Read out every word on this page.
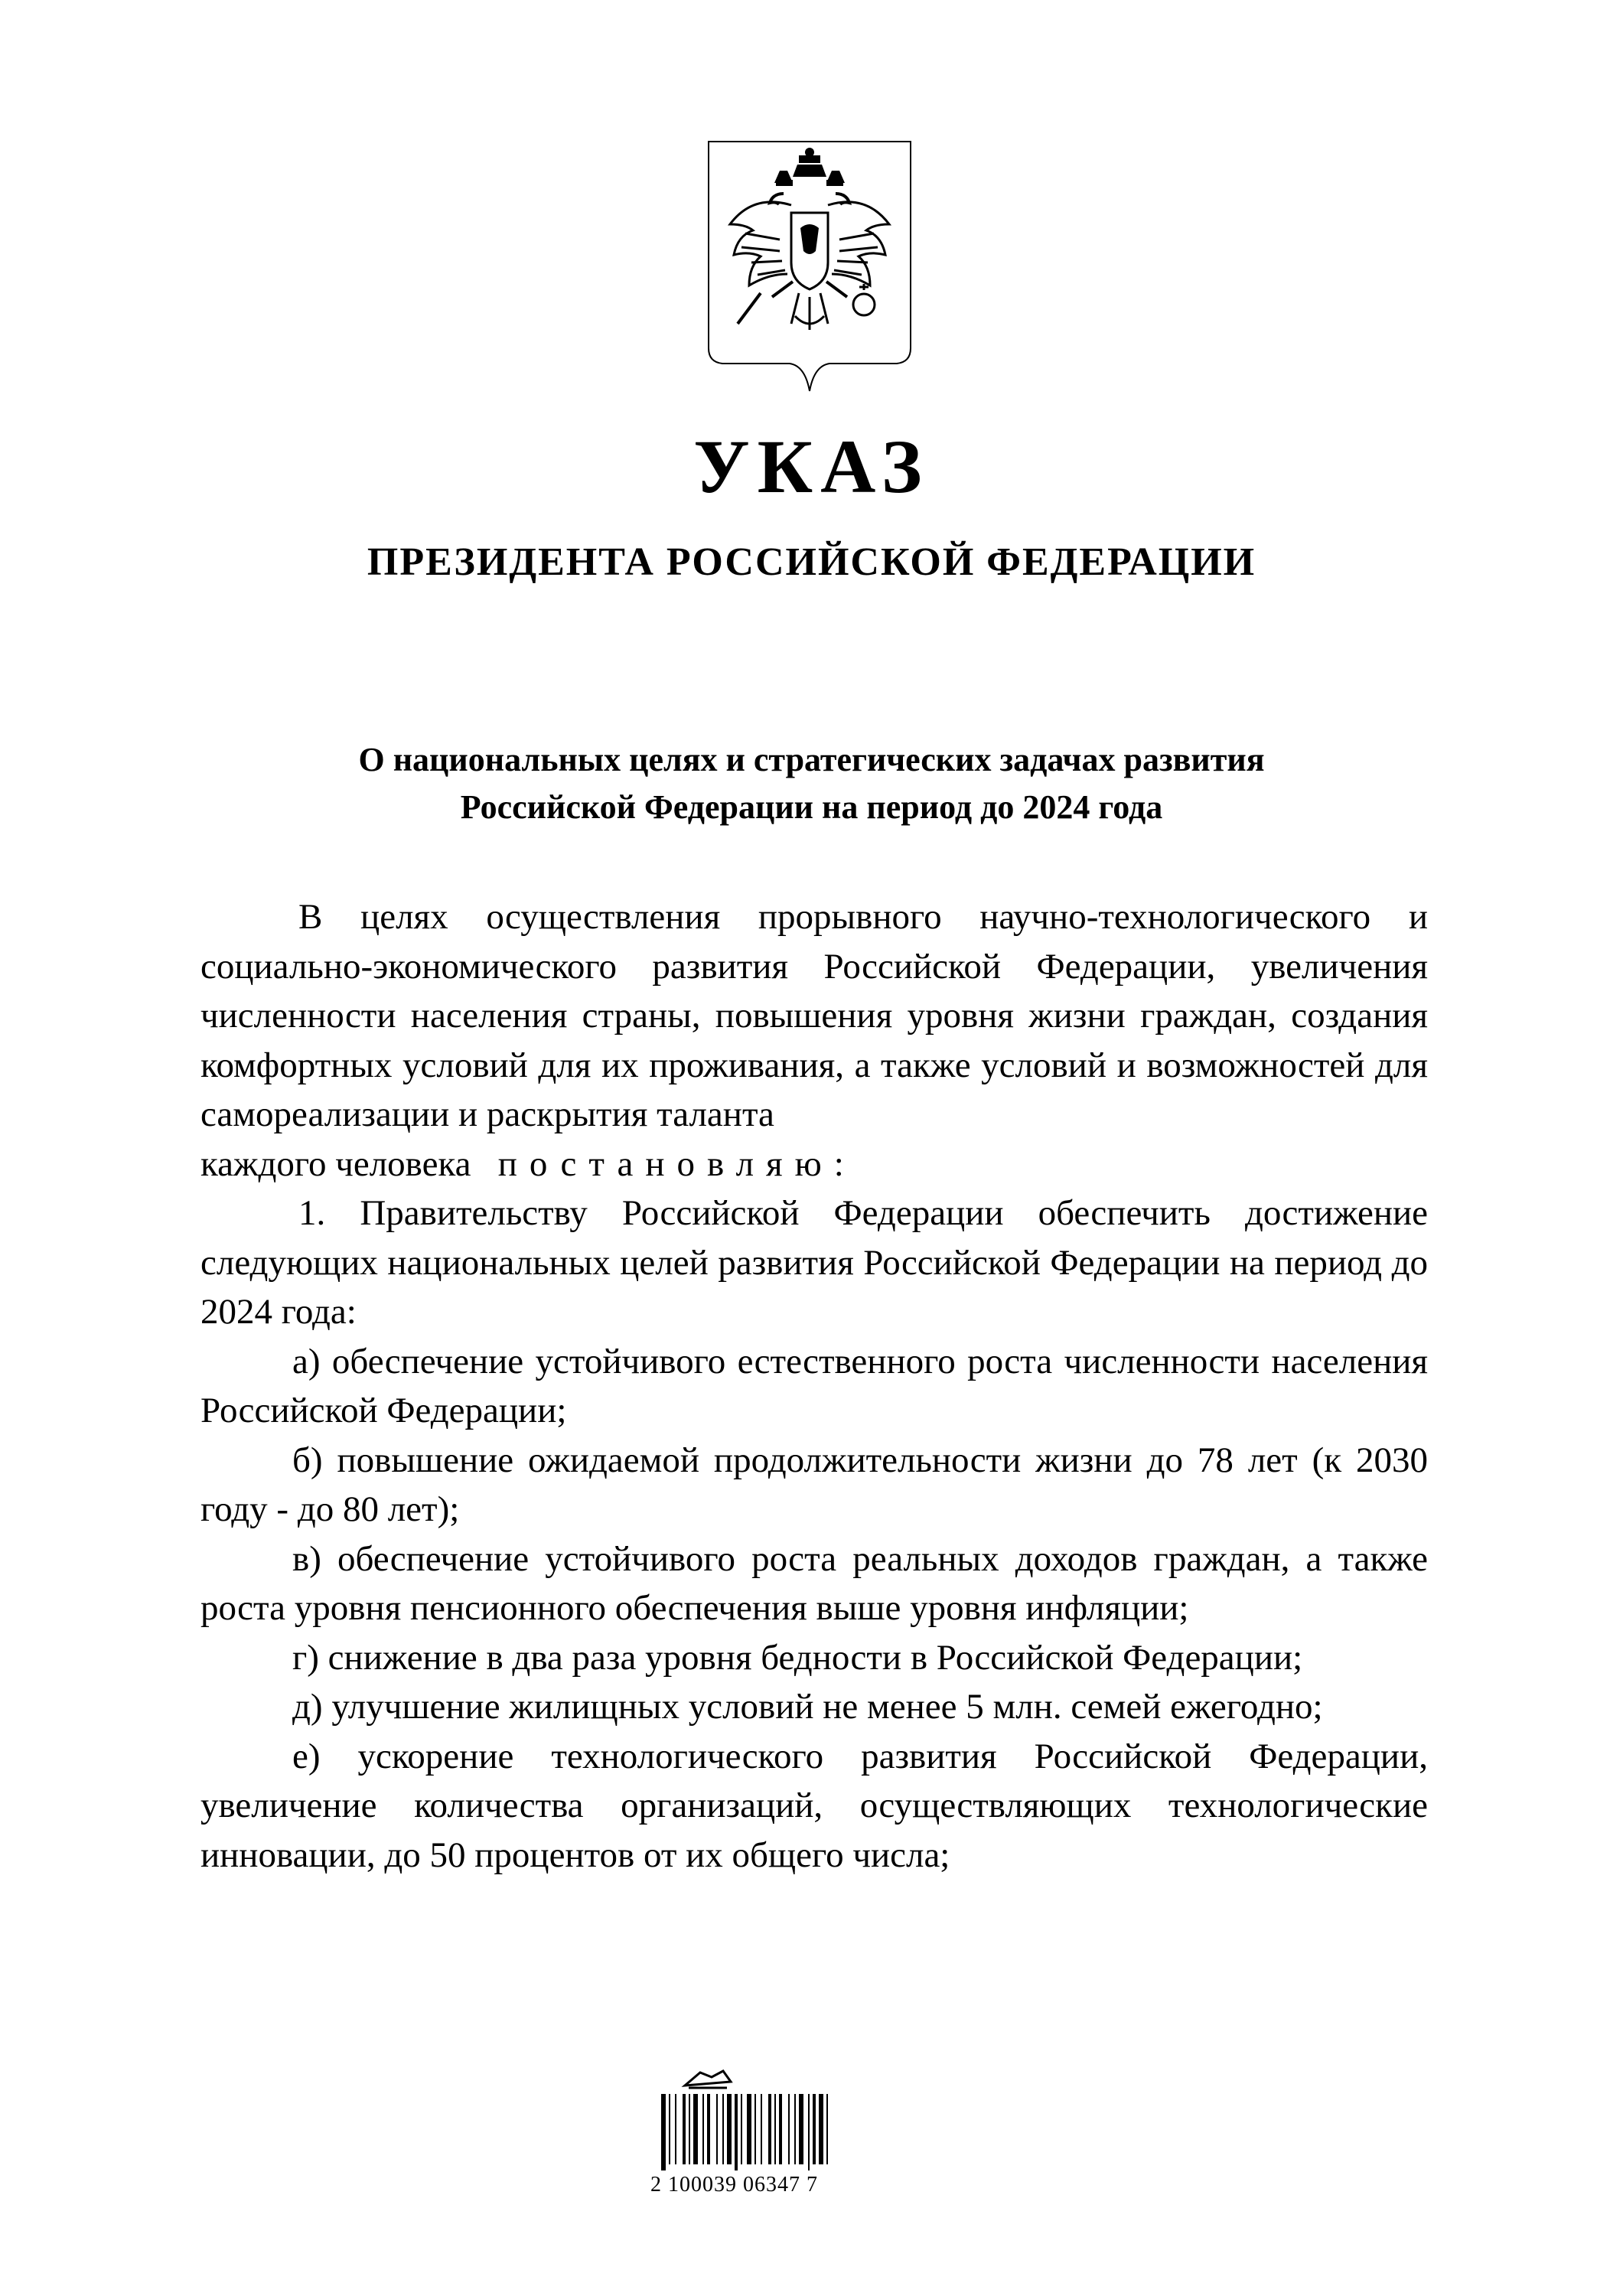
УКАЗ
ПРЕЗИДЕНТА РОССИЙСКОЙ ФЕДЕРАЦИИ
О национальных целях и стратегических задачах развития
Российской Федерации на период до 2024 года

В целях осуществления прорывного научно-технологического и социально-экономического развития Российской Федерации, увеличения численности населения страны, повышения уровня жизни граждан, создания комфортных условий для их проживания, а также условий и возможностей для самореализации и раскрытия таланта

каждого человека постановляю:

1. Правительству Российской Федерации обеспечить достижение следующих национальных целей развития Российской Федерации на период до 2024 года:

а) обеспечение устойчивого естественного роста численности населения Российской Федерации;

б) повышение ожидаемой продолжительности жизни до 78 лет (к 2030 году - до 80 лет);

в) обеспечение устойчивого роста реальных доходов граждан, а также роста уровня пенсионного обеспечения выше уровня инфляции;

г) снижение в два раза уровня бедности в Российской Федерации;

д) улучшение жилищных условий не менее 5 млн. семей ежегодно;

е) ускорение технологического развития Российской Федерации, увеличение количества организаций, осуществляющих технологические инновации, до 50 процентов от их общего числа;

2 100039 06347 7
